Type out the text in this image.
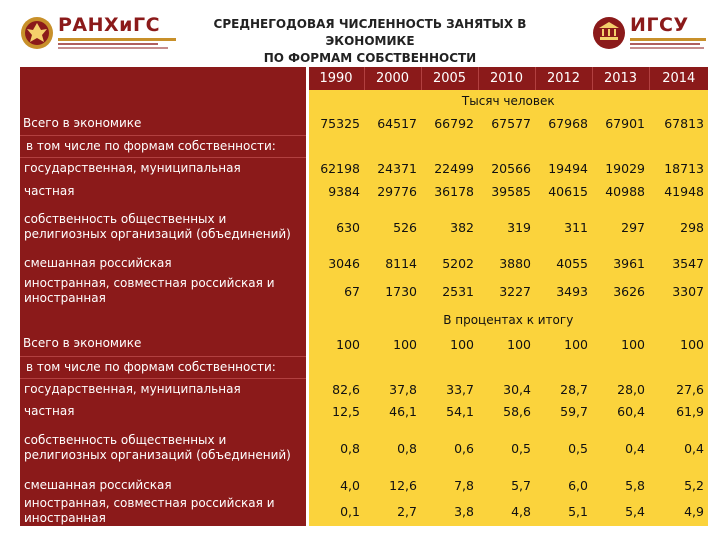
РАНХиГС	СРЕДНЕГОДОВАЯ ЧИСЛЕННОСТЬ ЗАНЯТЫХ В ЭКОНОМИКЕ
ПО ФОРМАМ СОБСТВЕННОСТИ
ИГСУ
	1990	2000	2005	2010	2012	2013	2014
	Тысяч человек						
Всего в экономике	75325	64517	66792	67577	67968	67901	67813
в том числе по формам собственности:							
государственная, муниципальная	62198	24371	22499	20566	19494	19029	18713
частная	9384	29776	36178	39585	40615	40988	41948
собственность общественных и религиозных организаций (объединений)	630	526	382	319	311	297	298
смешанная российская	3046	8114	5202	3880	4055	3961	3547
иностранная, совместная российская и иностранная	67	1730	2531	3227	3493	3626	3307
	В процентах к итогу						
Всего в экономике	100	100	100	100	100	100	100
в том числе по формам собственности:							
государственная, муниципальная	82,6	37,8	33,7	30,4	28,7	28,0	27,6
частная	12,5	46,1	54,1	58,6	59,7	60,4	61,9
собственность общественных и религиозных организаций (объединений)	0,8	0,8	0,6	0,5	0,5	0,4	0,4
смешанная российская	4,0	12,6	7,8	5,7	6,0	5,8	5,2
иностранная, совместная российская и иностранная	0,1	2,7	3,8	4,8	5,1	5,4	4,9
